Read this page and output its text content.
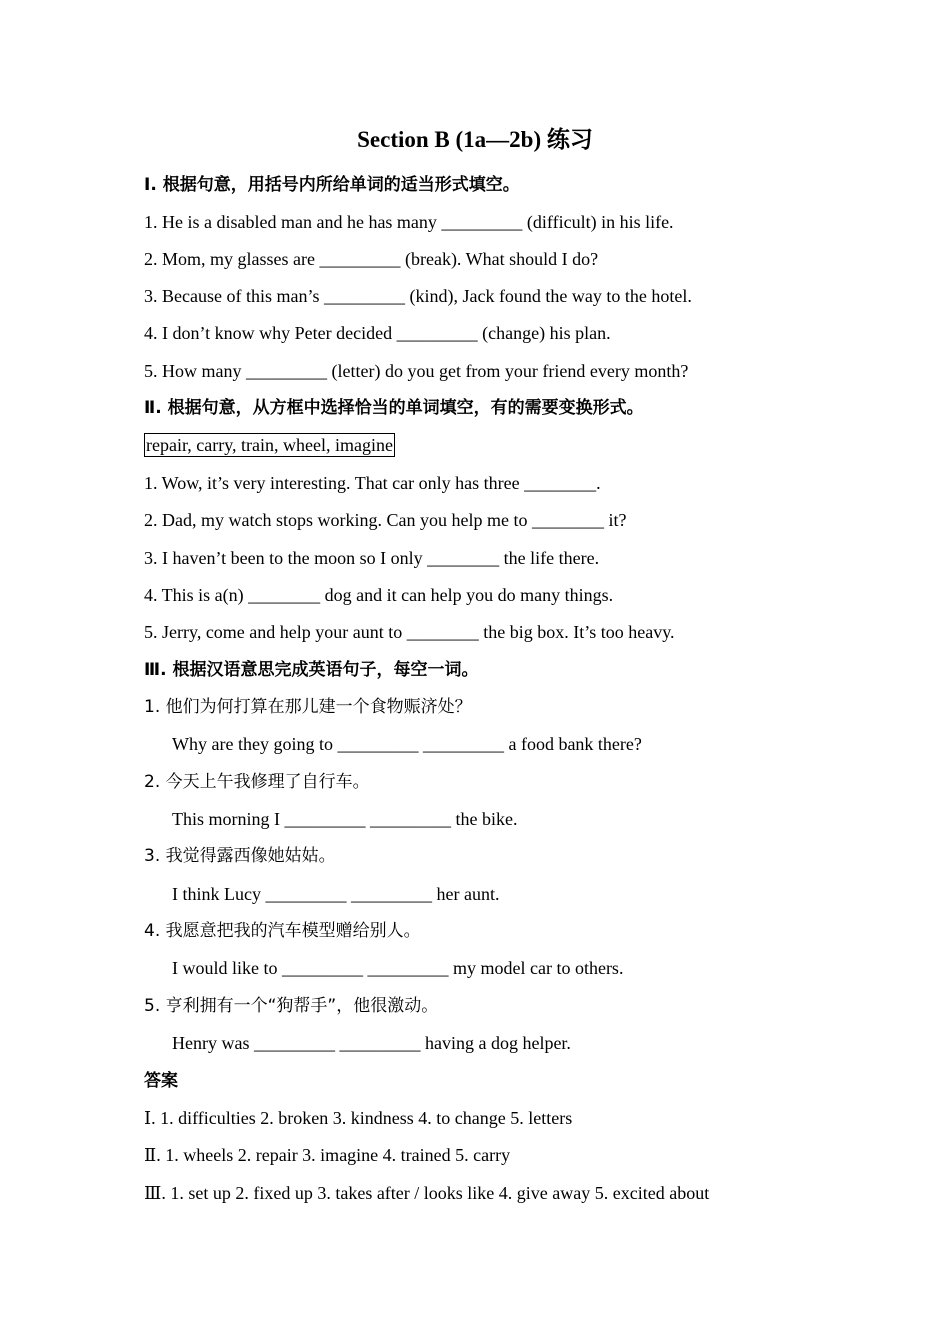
Section B (1a—2b) 练习
Ⅰ. 根据句意，用括号内所给单词的适当形式填空。
1. He is a disabled man and he has many _________ (difficult) in his life.
2. Mom, my glasses are _________ (break). What should I do?
3. Because of this man’s _________ (kind), Jack found the way to the hotel.
4. I don’t know why Peter decided _________ (change) his plan.
5. How many _________ (letter) do you get from your friend every month?
Ⅱ. 根据句意，从方框中选择恰当的单词填空，有的需要变换形式。
repair, carry, train, wheel, imagine
1. Wow, it’s very interesting. That car only has three ________.
2. Dad, my watch stops working. Can you help me to ________ it?
3. I haven’t been to the moon so I only ________ the life there.
4. This is a(n) ________ dog and it can help you do many things.
5. Jerry, come and help your aunt to ________ the big box. It’s too heavy.
Ⅲ. 根据汉语意思完成英语句子，每空一词。
1. 他们为何打算在那儿建一个食物赈济处？
Why are they going to _________ _________ a food bank there?
2. 今天上午我修理了自行车。
This morning I _________ _________ the bike.
3. 我觉得露西像她姑姑。
I think Lucy _________ _________ her aunt.
4. 我愿意把我的汽车模型赠给别人。
I would like to _________ _________ my model car to others.
5. 亨利拥有一个“狗帮手”，他很激动。
Henry was _________ _________ having a dog helper.
答案
Ⅰ. 1. difficulties 2. broken 3. kindness 4. to change 5. letters
Ⅱ. 1. wheels 2. repair 3. imagine 4. trained 5. carry
Ⅲ. 1. set up 2. fixed up 3. takes after / looks like 4. give away 5. excited about
